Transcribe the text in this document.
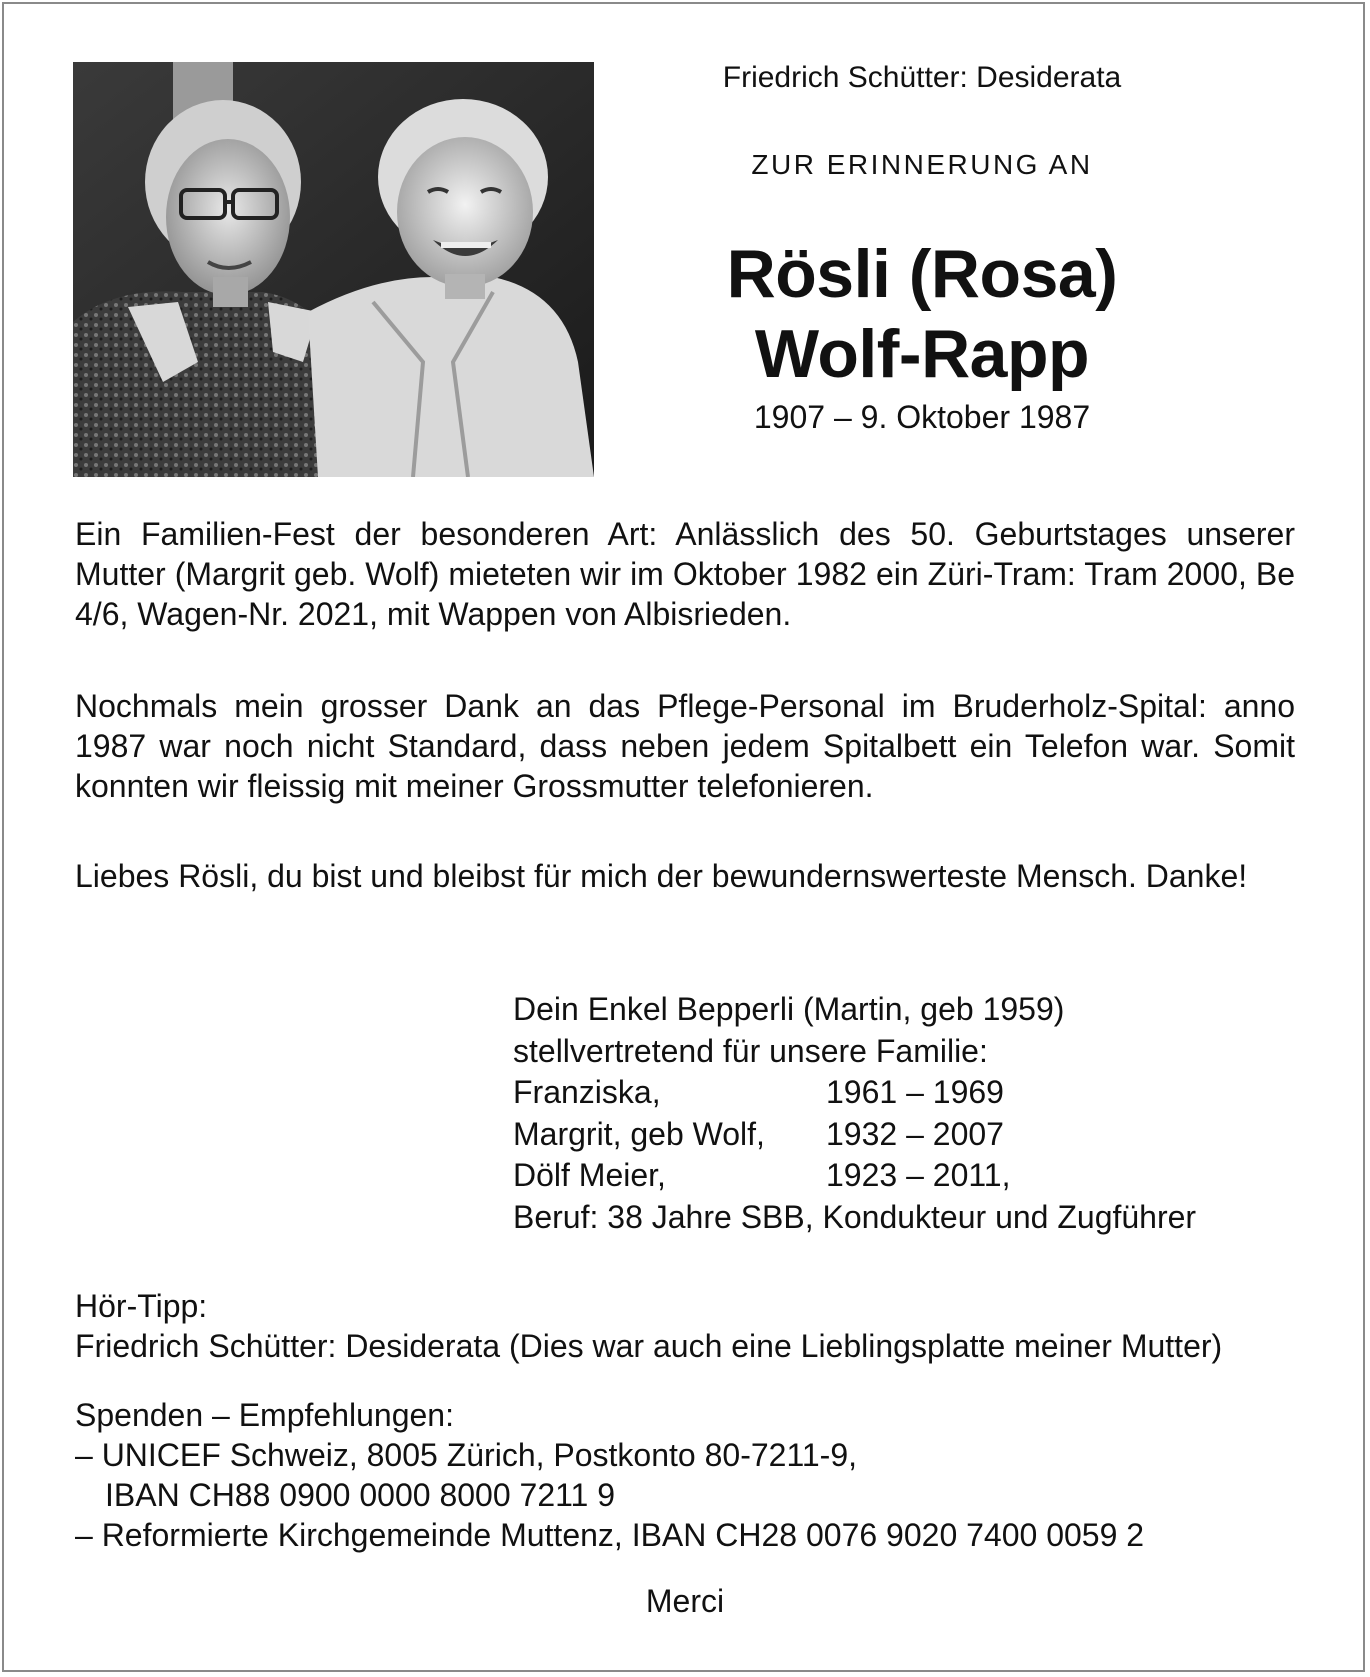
Friedrich Schütter: Desiderata
ZUR ERINNERUNG AN
Rösli (Rosa)
Wolf-Rapp
1907 – 9. Oktober 1987
Ein Familien-Fest der besonderen Art: Anlässlich des 50. Geburtstages unserer Mutter (Margrit geb. Wolf) mieteten wir im Oktober 1982 ein Züri-Tram: Tram 2000, Be 4/6, Wagen-Nr. 2021, mit Wappen von Albisrieden.
Nochmals mein grosser Dank an das Pflege-Personal im Bruderholz-Spital: anno 1987 war noch nicht Standard, dass neben jedem Spitalbett ein Telefon war. Somit konnten wir fleissig mit meiner Grossmutter telefonieren.
Liebes Rösli, du bist und bleibst für mich der bewundernswerteste Mensch. Danke!
Dein Enkel Bepperli (Martin, geb 1959)
stellvertretend für unsere Familie:
Franziska,	1961 – 1969
Margrit, geb Wolf,	1932 – 2007
Dölf Meier,	1923 – 2011,
Beruf: 38 Jahre SBB, Kondukteur und Zugführer
Hör-Tipp:
Friedrich Schütter: Desiderata (Dies war auch eine Lieblingsplatte meiner Mutter)
Spenden – Empfehlungen:
– UNICEF Schweiz, 8005 Zürich, Postkonto 80-7211-9,
IBAN CH88 0900 0000 8000 7211 9
– Reformierte Kirchgemeinde Muttenz, IBAN CH28 0076 9020 7400 0059 2
Merci
